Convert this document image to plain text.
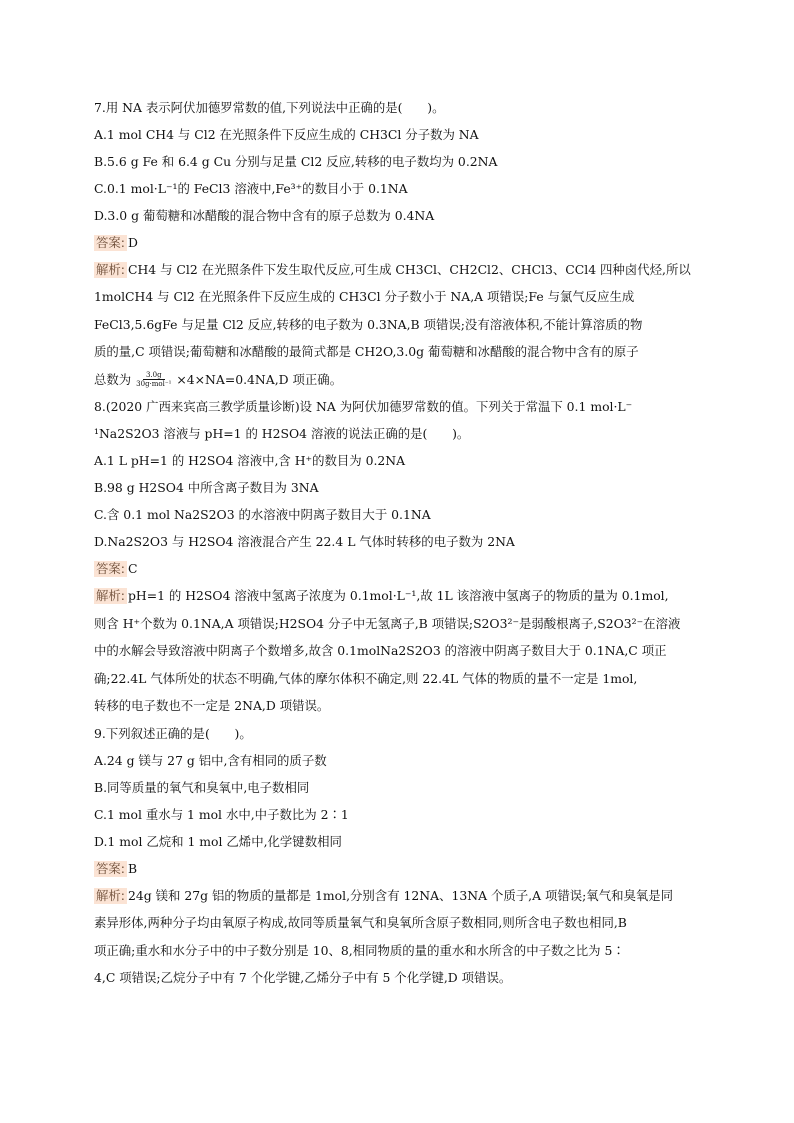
7.用 NA 表示阿伏加德罗常数的值,下列说法中正确的是(　　)。

A.1 mol CH4 与 Cl2 在光照条件下反应生成的 CH3Cl 分子数为 NA

B.5.6 g Fe 和 6.4 g Cu 分别与足量 Cl2 反应,转移的电子数均为 0.2NA

C.0.1 mol·L⁻¹的 FeCl3 溶液中,Fe³⁺的数目小于 0.1NA

D.3.0 g 葡萄糖和冰醋酸的混合物中含有的原子总数为 0.4NA

答案: D

解析: CH4 与 Cl2 在光照条件下发生取代反应,可生成 CH3Cl、CH2Cl2、CHCl3、CCl4 四种卤代烃,所以

1molCH4 与 Cl2 在光照条件下反应生成的 CH3Cl 分子数小于 NA,A 项错误;Fe 与氯气反应生成

FeCl3,5.6gFe 与足量 Cl2 反应,转移的电子数为 0.3NA,B 项错误;没有溶液体积,不能计算溶质的物

质的量,C 项错误;葡萄糖和冰醋酸的最简式都是 CH2O,3.0g 葡萄糖和冰醋酸的混合物中含有的原子

总数为 $\frac{3.0g}{\text{30g·mol⁻¹}} \times 4\times NA=0.4NA,D$ 项正确。

8.(2020 广西来宾高三教学质量诊断)设 NA 为阿伏加德罗常数的值。下列关于常温下 0.1 mol·L⁻

¹Na2S2O3 溶液与 pH=1 的 H2SO4 溶液的说法正确的是(　　)。

A.1 L pH=1 的 H2SO4 溶液中,含 H⁺的数目为 0.2NA

B.98 g H2SO4 中所含离子数目为 3NA

C.含 0.1 mol Na2S2O3 的水溶液中阴离子数目大于 0.1NA

D.Na2S2O3 与 H2SO4 溶液混合产生 22.4 L 气体时转移的电子数为 2NA

答案: C

解析: pH=1 的 H2SO4 溶液中氢离子浓度为 0.1mol·L⁻¹,故 1L 该溶液中氢离子的物质的量为 0.1mol,

则含 H⁺个数为 0.1NA,A 项错误;H2SO4 分子中无氢离子,B 项错误;S2O3²⁻是弱酸根离子,S2O3²⁻在溶液

中的水解会导致溶液中阴离子个数增多,故含 0.1molNa2S2O3 的溶液中阴离子数目大于 0.1NA,C 项正

确;22.4L 气体所处的状态不明确,气体的摩尔体积不确定,则 22.4L 气体的物质的量不一定是 1mol,

转移的电子数也不一定是 2NA,D 项错误。

9.下列叙述正确的是(　　)。

A.24 g 镁与 27 g 铝中,含有相同的质子数

B.同等质量的氧气和臭氧中,电子数相同

C.1 mol 重水与 1 mol 水中,中子数比为 2∶1

D.1 mol 乙烷和 1 mol 乙烯中,化学键数相同

答案: B

解析: 24g 镁和 27g 铝的物质的量都是 1mol,分别含有 12NA、13NA 个质子,A 项错误;氧气和臭氧是同

素异形体,两种分子均由氧原子构成,故同等质量氧气和臭氧所含原子数相同,则所含电子数也相同,B

项正确;重水和水分子中的中子数分别是 10、8,相同物质的量的重水和水所含的中子数之比为 5∶

4,C 项错误;乙烷分子中有 7 个化学键,乙烯分子中有 5 个化学键,D 项错误。
